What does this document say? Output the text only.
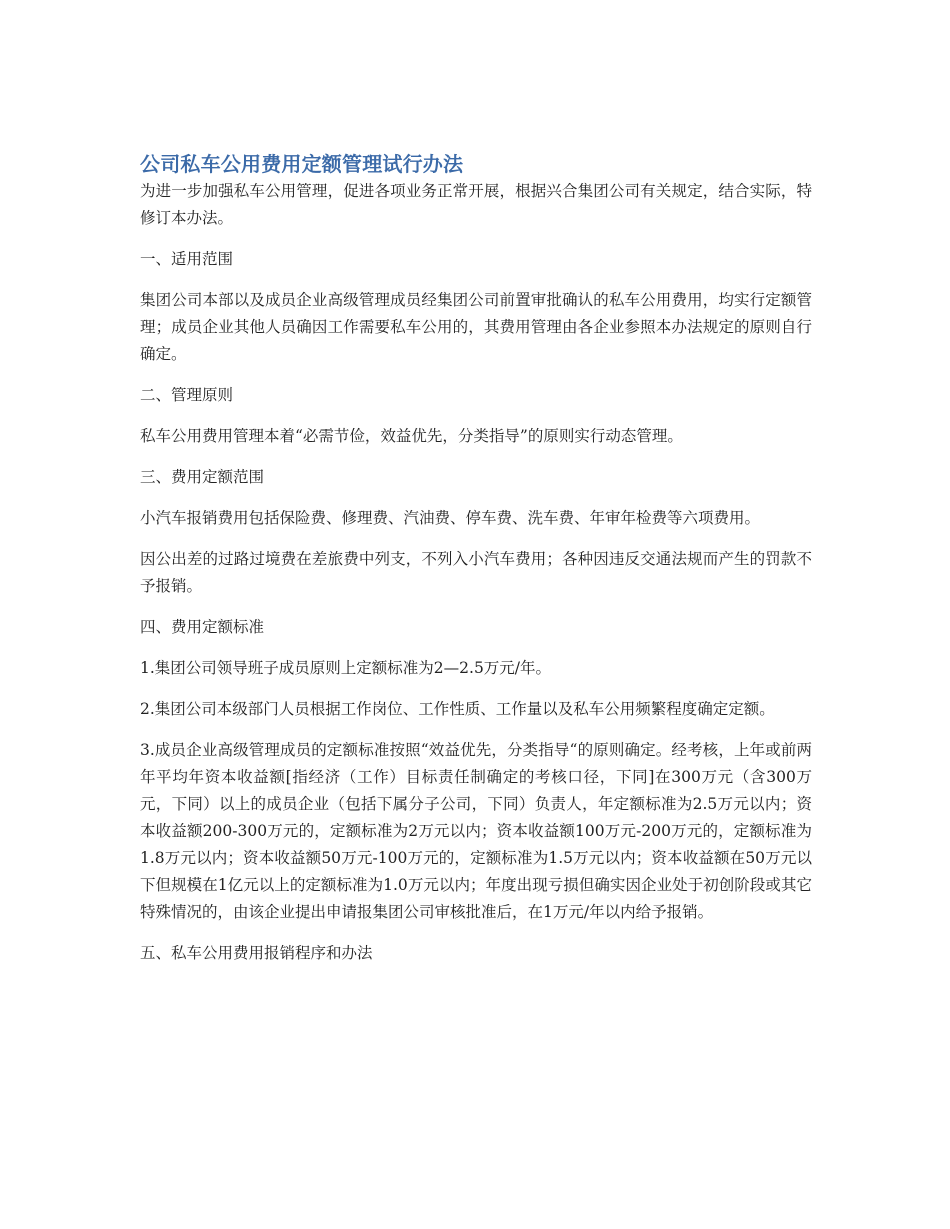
公司私车公用费用定额管理试行办法

为进一步加强私车公用管理，促进各项业务正常开展，根据兴合集团公司有关规定，结合实际，特修订本办法。

一、适用范围

集团公司本部以及成员企业高级管理成员经集团公司前置审批确认的私车公用费用，均实行定额管理；成员企业其他人员确因工作需要私车公用的，其费用管理由各企业参照本办法规定的原则自行确定。

二、管理原则

私车公用费用管理本着“必需节俭，效益优先，分类指导”的原则实行动态管理。

三、费用定额范围

小汽车报销费用包括保险费、修理费、汽油费、停车费、洗车费、年审年检费等六项费用。

因公出差的过路过境费在差旅费中列支，不列入小汽车费用；各种因违反交通法规而产生的罚款不予报销。

四、费用定额标准

1.集团公司领导班子成员原则上定额标准为2—2.5万元/年。

2.集团公司本级部门人员根据工作岗位、工作性质、工作量以及私车公用频繁程度确定定额。

3.成员企业高级管理成员的定额标准按照“效益优先，分类指导“的原则确定。经考核，上年或前两年平均年资本收益额[指经济（工作）目标责任制确定的考核口径，下同]在300万元（含300万元，下同）以上的成员企业（包括下属分子公司，下同）负责人，年定额标准为2.5万元以内；资本收益额200-300万元的，定额标准为2万元以内；资本收益额100万元-200万元的，定额标准为1.8万元以内；资本收益额50万元-100万元的，定额标准为1.5万元以内；资本收益额在50万元以下但规模在1亿元以上的定额标准为1.0万元以内；年度出现亏损但确实因企业处于初创阶段或其它特殊情况的，由该企业提出申请报集团公司审核批准后，在1万元/年以内给予报销。

五、私车公用费用报销程序和办法
